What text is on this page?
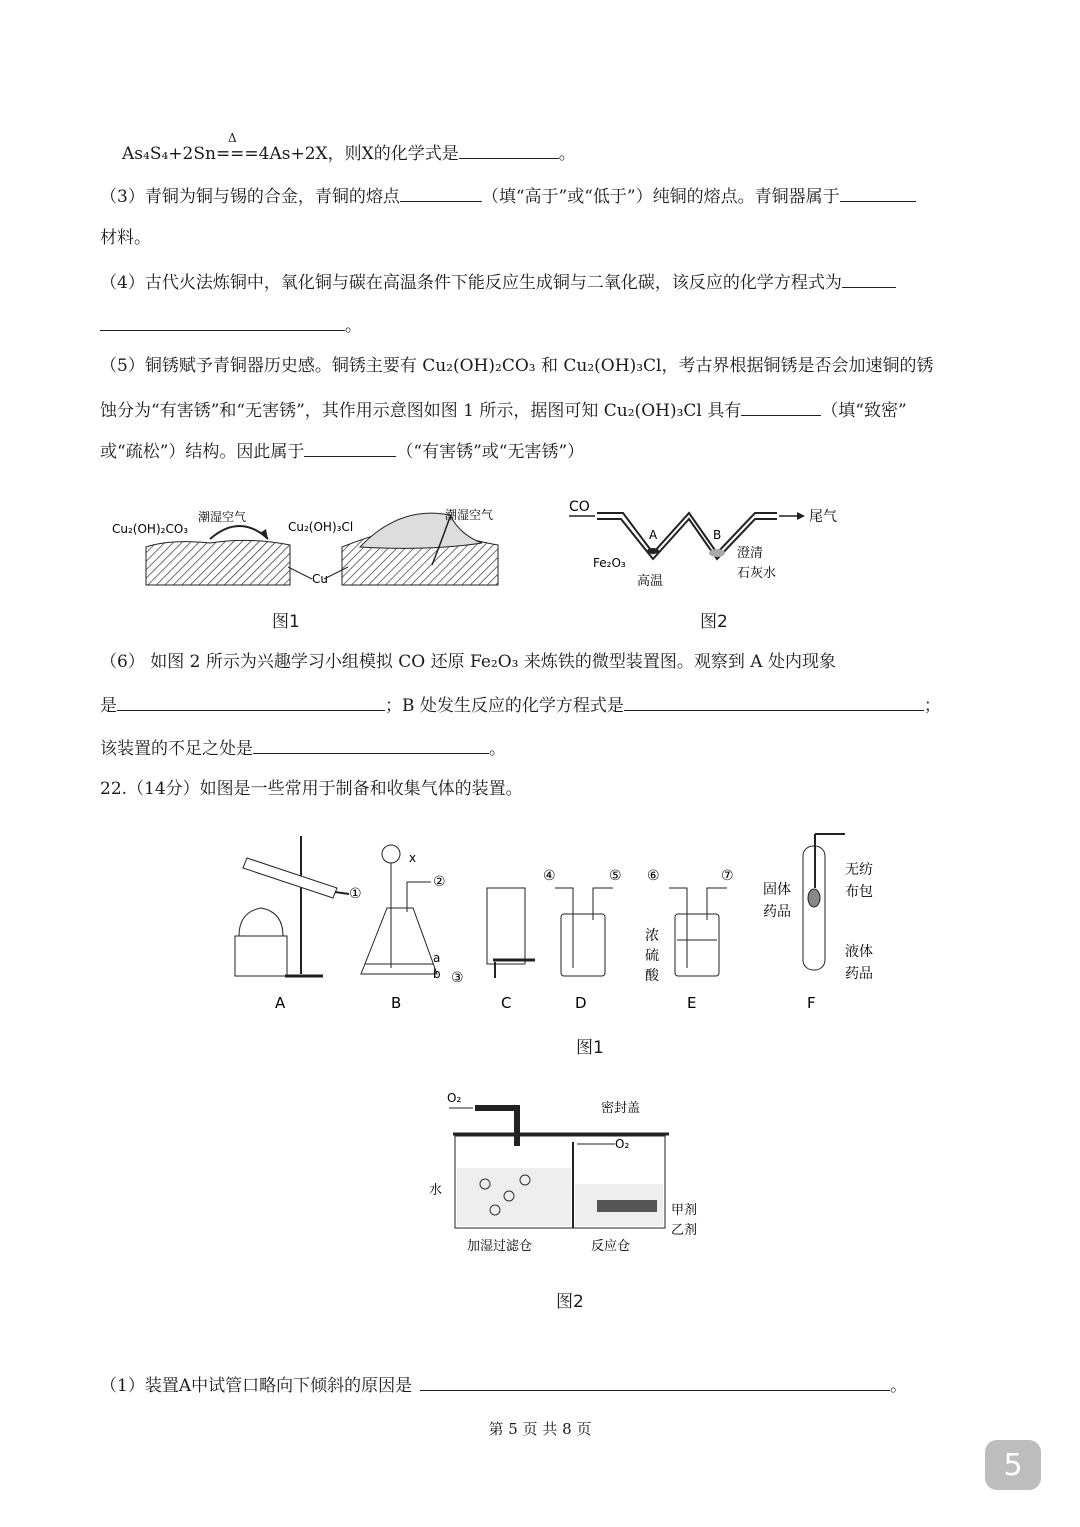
As₄S₄+2Sn
Δ
===4As+2X，则X的化学式是	。
（3）青铜为铜与锡的合金，青铜的熔点	（填“高于”或“低于”）纯铜的熔点。青铜器属于
材料。
（4）古代火法炼铜中，氧化铜与碳在高温条件下能反应生成铜与二氧化碳，该反应的化学方程式为
。
（5）铜锈赋予青铜器历史感。铜锈主要有 Cu₂(OH)₂CO₃ 和 Cu₂(OH)₃Cl，考古界根据铜锈是否会加速铜的锈
蚀分为“有害锈”和“无害锈”，其作用示意图如图 1 所示，据图可知 Cu₂(OH)₃Cl 具有	（填“致密”
或“疏松”）结构。因此属于	（“有害锈”或“无害锈”）
Cu₂(OH)₂CO₃
潮湿空气
Cu₂(OH)₃Cl
潮湿空气
Cu
图1
CO
尾气
A	B
Fe₂O₃
高温
澄清
石灰水
图2
（6） 如图 2 所示为兴趣学习小组模拟 CO 还原 Fe₂O₃ 来炼铁的微型装置图。观察到 A 处内现象
是	；B 处发生反应的化学方程式是	；
该装置的不足之处是	。
22.（14分）如图是一些常用于制备和收集气体的装置。
A
①
B
x
②
a
b
C
③
D
④	⑤
E
⑥	⑦
浓
硫
酸
F
固体
药品
无纺
布包
液体
药品
图1
O₂
密封盖
O₂
水
甲剂
乙剂
加湿过滤仓	反应仓
图2
（1）装置A中试管口略向下倾斜的原因是	。
第 5 页 共 8 页
5
